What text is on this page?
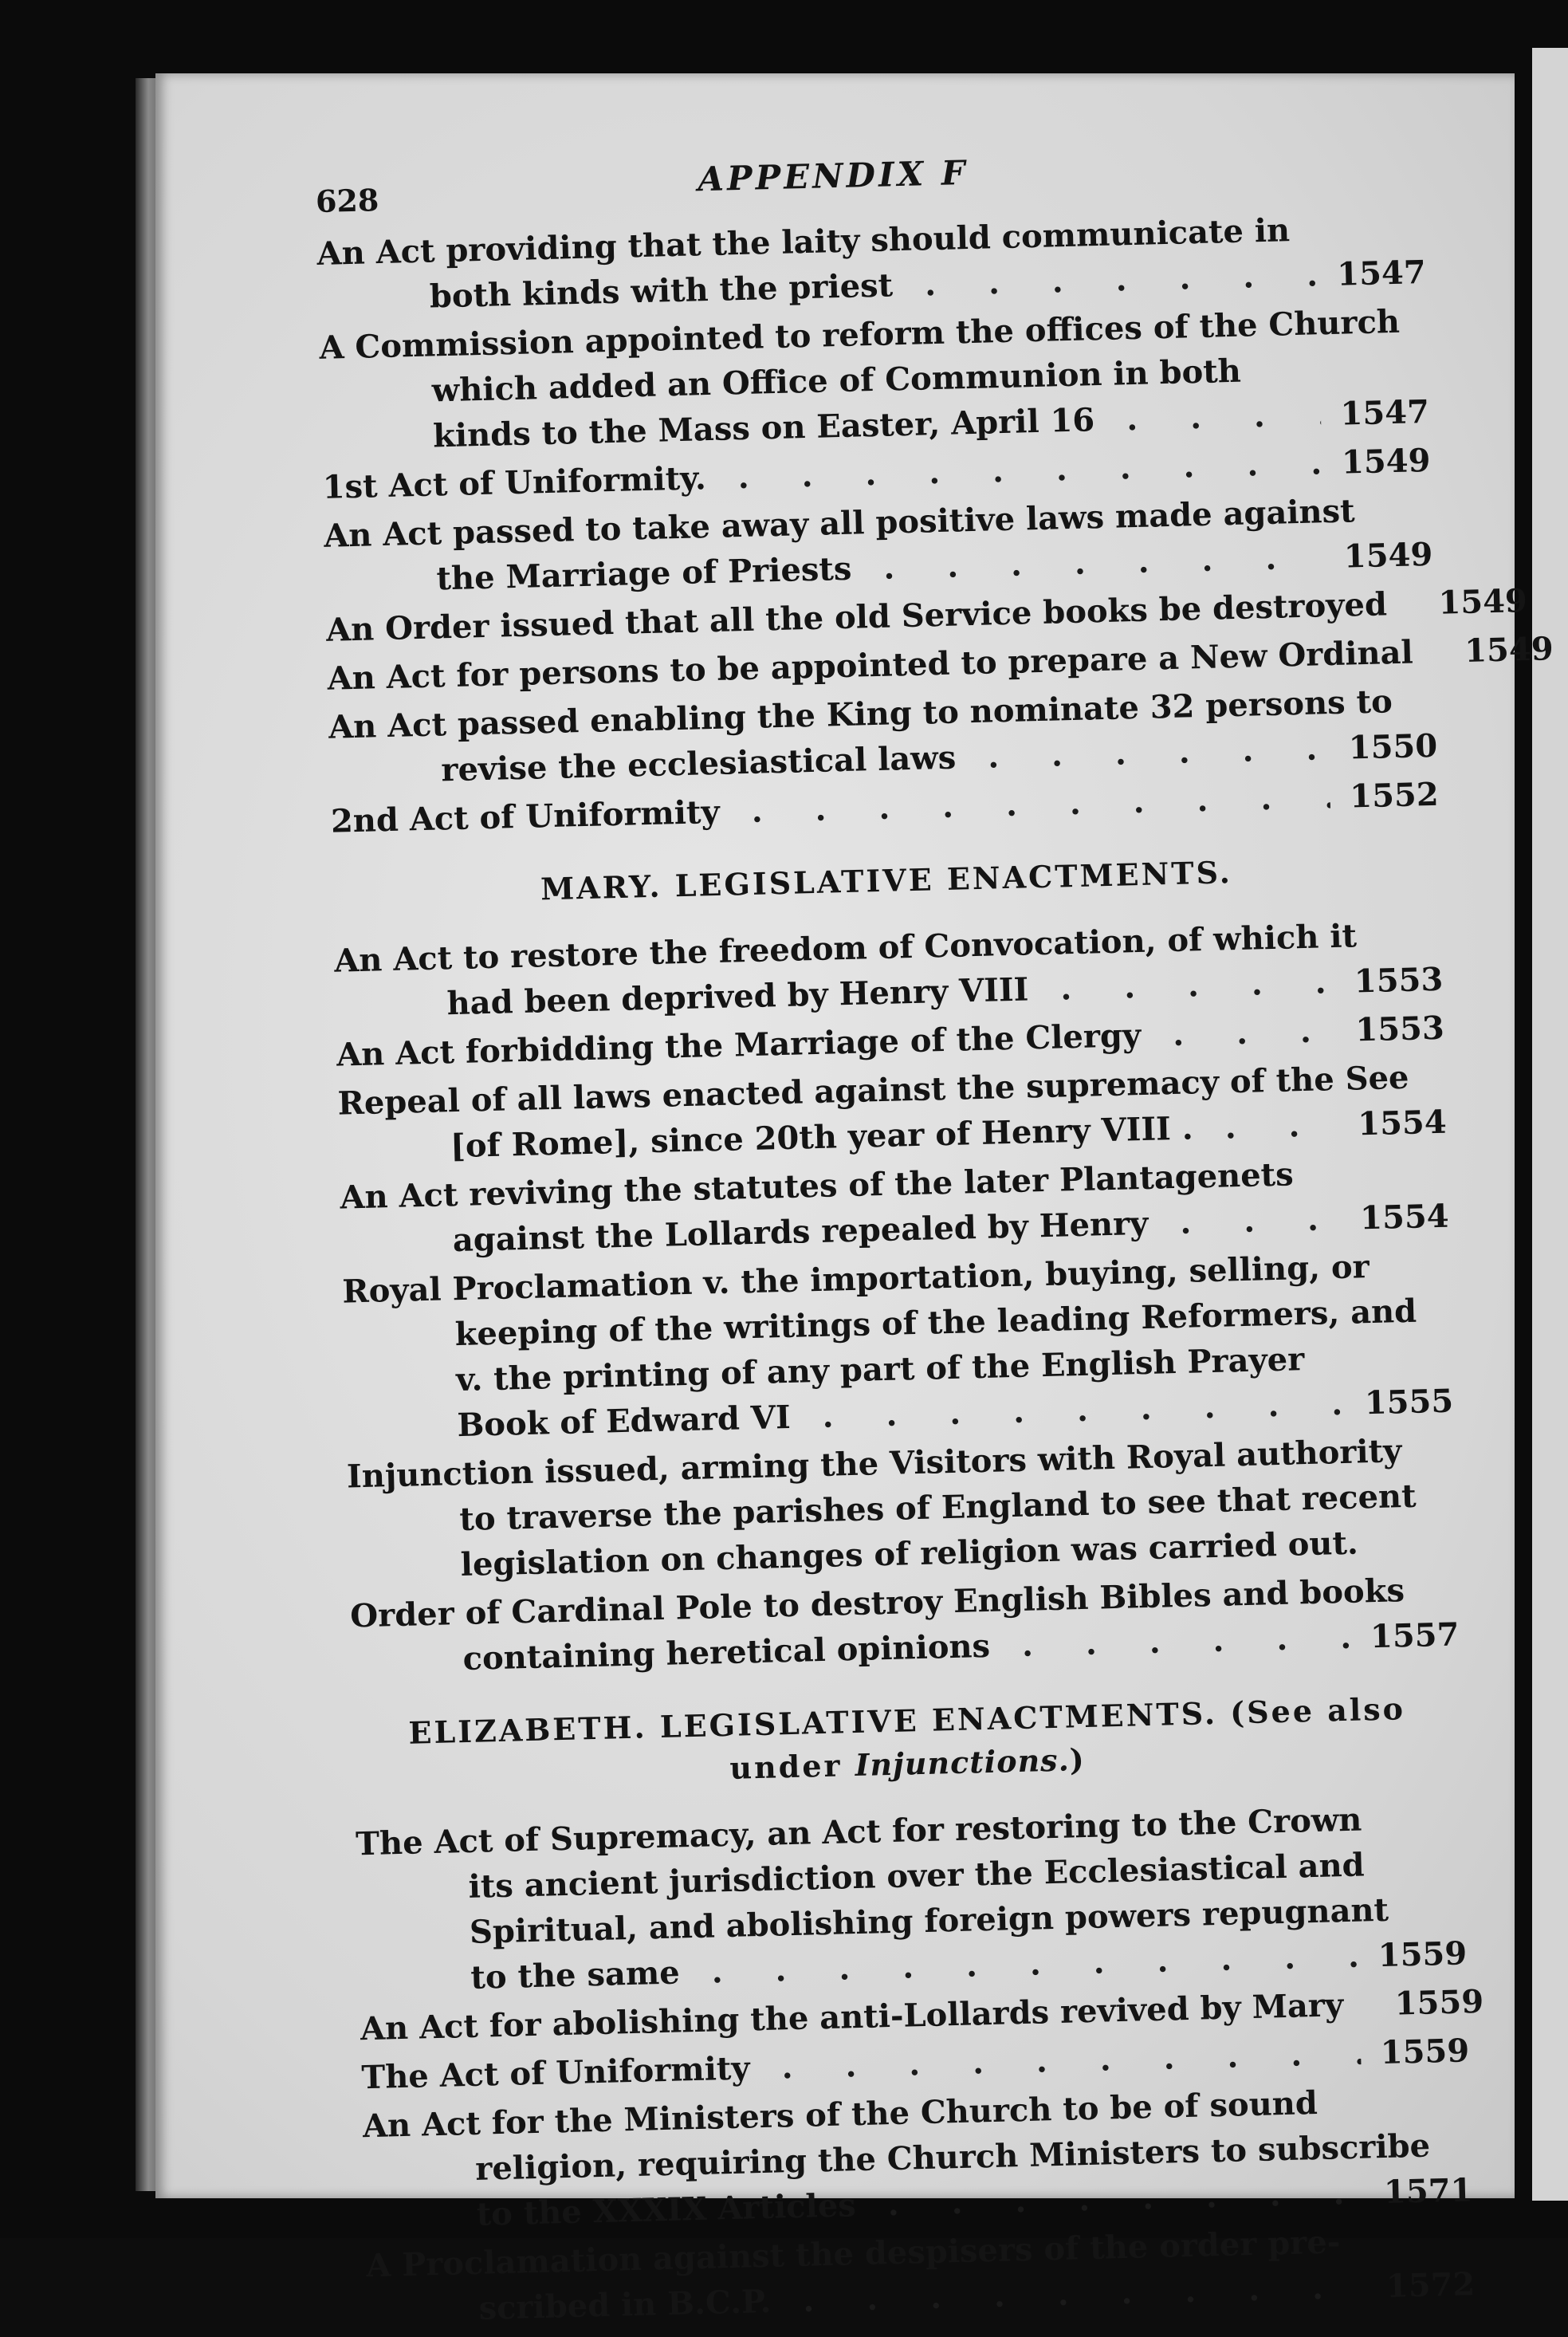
628
APPENDIX F
An Act providing that the laity should communicate in
both kinds with the priest . . .	1547
A Commission appointed to reform the offices of the Church
which added an Office of Communion in both
kinds to the Mass on Easter, April 16 . . .	1547
1st Act of Uniformity. . . .	1549
An Act passed to take away all positive laws made against
the Marriage of Priests . . .	1549
An Order issued that all the old Service books be destroyed . . .	1549
An Act for persons to be appointed to prepare a New Ordinal . . .	1549
An Act passed enabling the King to nominate 32 persons to
revise the ecclesiastical laws . . .	1550
2nd Act of Uniformity . . .	1552
MARY. LEGISLATIVE ENACTMENTS.
An Act to restore the freedom of Convocation, of which it
had been deprived by Henry VIII . . .	1553
An Act forbidding the Marriage of the Clergy . . .	1553
Repeal of all laws enacted against the supremacy of the See
[of Rome], since 20th year of Henry VIII . . . .	1554
An Act reviving the statutes of the later Plantagenets
against the Lollards repealed by Henry . . .	1554
Royal Proclamation v. the importation, buying, selling, or
keeping of the writings of the leading Reformers, and
v. the printing of any part of the English Prayer
Book of Edward VI . . .	1555
Injunction issued, arming the Visitors with Royal authority
to traverse the parishes of England to see that recent
legislation on changes of religion was carried out.
Order of Cardinal Pole to destroy English Bibles and books
containing heretical opinions . . .	1557
ELIZABETH. LEGISLATIVE ENACTMENTS. (See also
under Injunctions.)
The Act of Supremacy, an Act for restoring to the Crown
its ancient jurisdiction over the Ecclesiastical and
Spiritual, and abolishing foreign powers repugnant
to the same . . .	1559
An Act for abolishing the anti-Lollards revived by Mary . . .	1559
The Act of Uniformity . . .	1559
An Act for the Ministers of the Church to be of sound
religion, requiring the Church Ministers to subscribe
to the XXXIX Articles . . .	1571
A Proclamation against the despisers of the order pre-
scribed in B.C.P. . . .	1572
